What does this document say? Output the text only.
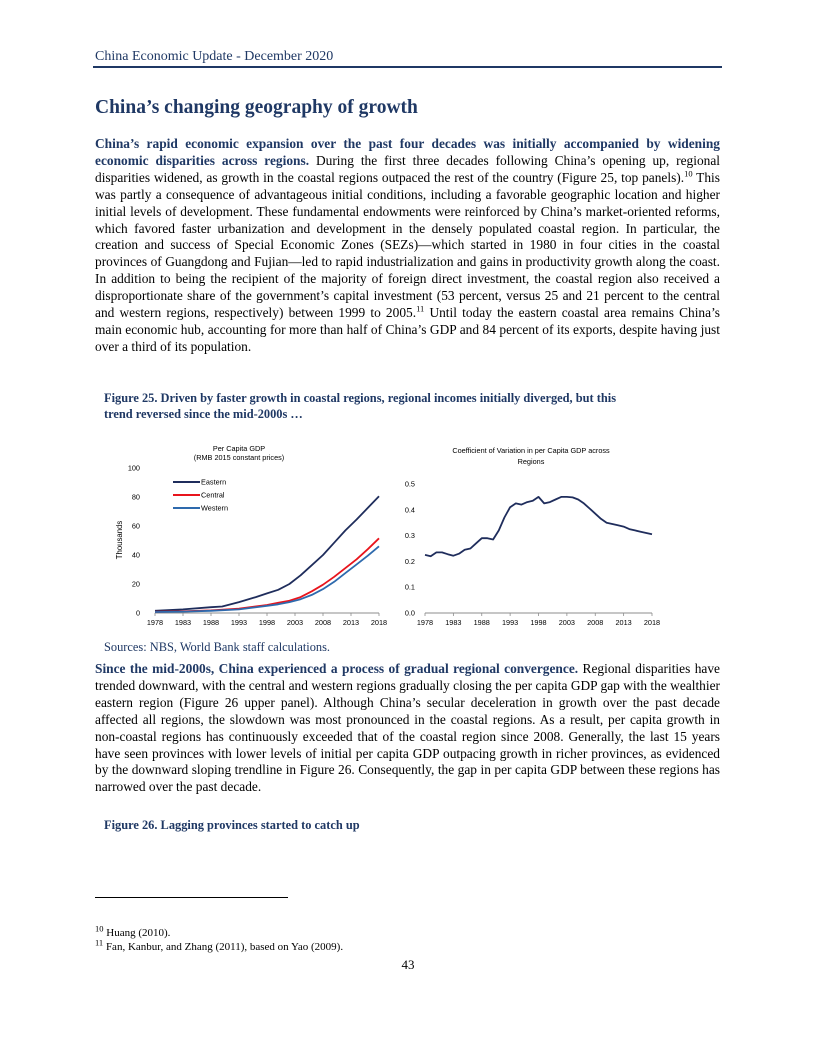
China Economic Update - December 2020
China’s changing geography of growth

China’s rapid economic expansion over the past four decades was initially accompanied by widening economic disparities across regions. During the first three decades following China’s opening up, regional disparities widened, as growth in the coastal regions outpaced the rest of the country (Figure 25, top panels).$^{10}$ This was partly a consequence of advantageous initial conditions, including a favorable geographic location and higher initial levels of development. These fundamental endowments were reinforced by China’s market-oriented reforms, which favored faster urbanization and development in the densely populated coastal region. In particular, the creation and success of Special Economic Zones (SEZs)—which started in 1980 in four cities in the coastal provinces of Guangdong and Fujian—led to rapid industrialization and gains in productivity growth along the coast. In addition to being the recipient of the majority of foreign direct investment, the coastal region also received a disproportionate share of the government’s capital investment (53 percent, versus 25 and 21 percent to the central and western regions, respectively) between 1999 to 2005.11 Until today the eastern coastal area remains China’s main economic hub, accounting for more than half of China’s GDP and 84 percent of its exports, despite having just over a third of its population.

Figure 25. Driven by faster growth in coastal regions, regional incomes initially diverged, but this
trend reversed since the mid-2000s …
Per Capita GDP
(RMB 2015 constant prices)
Thousands
0
20
40
60
80
100
1978 1983 1988 1993 1998 2003 2008 2013 2018
Eastern
Central
Western
Coefficient of Variation in per Capita GDP across
Regions
0.0
0.1
0.2
0.3
0.4
0.5
1978 1983 1988 1993 1998 2003 2008 2013 2018
Sources: NBS, World Bank staff calculations.

Since the mid-2000s, China experienced a process of gradual regional convergence. Regional disparities have trended downward, with the central and western regions gradually closing the per capita GDP gap with the wealthier eastern region (Figure 26 upper panel). Although China’s secular deceleration in growth over the past decade affected all regions, the slowdown was most pronounced in the coastal regions. As a result, per capita growth in non-coastal regions has continuously exceeded that of the coastal region since 2008. Generally, the last 15 years have seen provinces with lower levels of initial per capita GDP outpacing growth in richer provinces, as evidenced by the downward sloping trendline in Figure 26. Consequently, the gap in per capita GDP between these regions has narrowed over the past decade.

Figure 26. Lagging provinces started to catch up
$^{10}$ Huang (2010).
$^{11}$ Fan, Kanbur, and Zhang (2011), based on Yao (2009).
43
